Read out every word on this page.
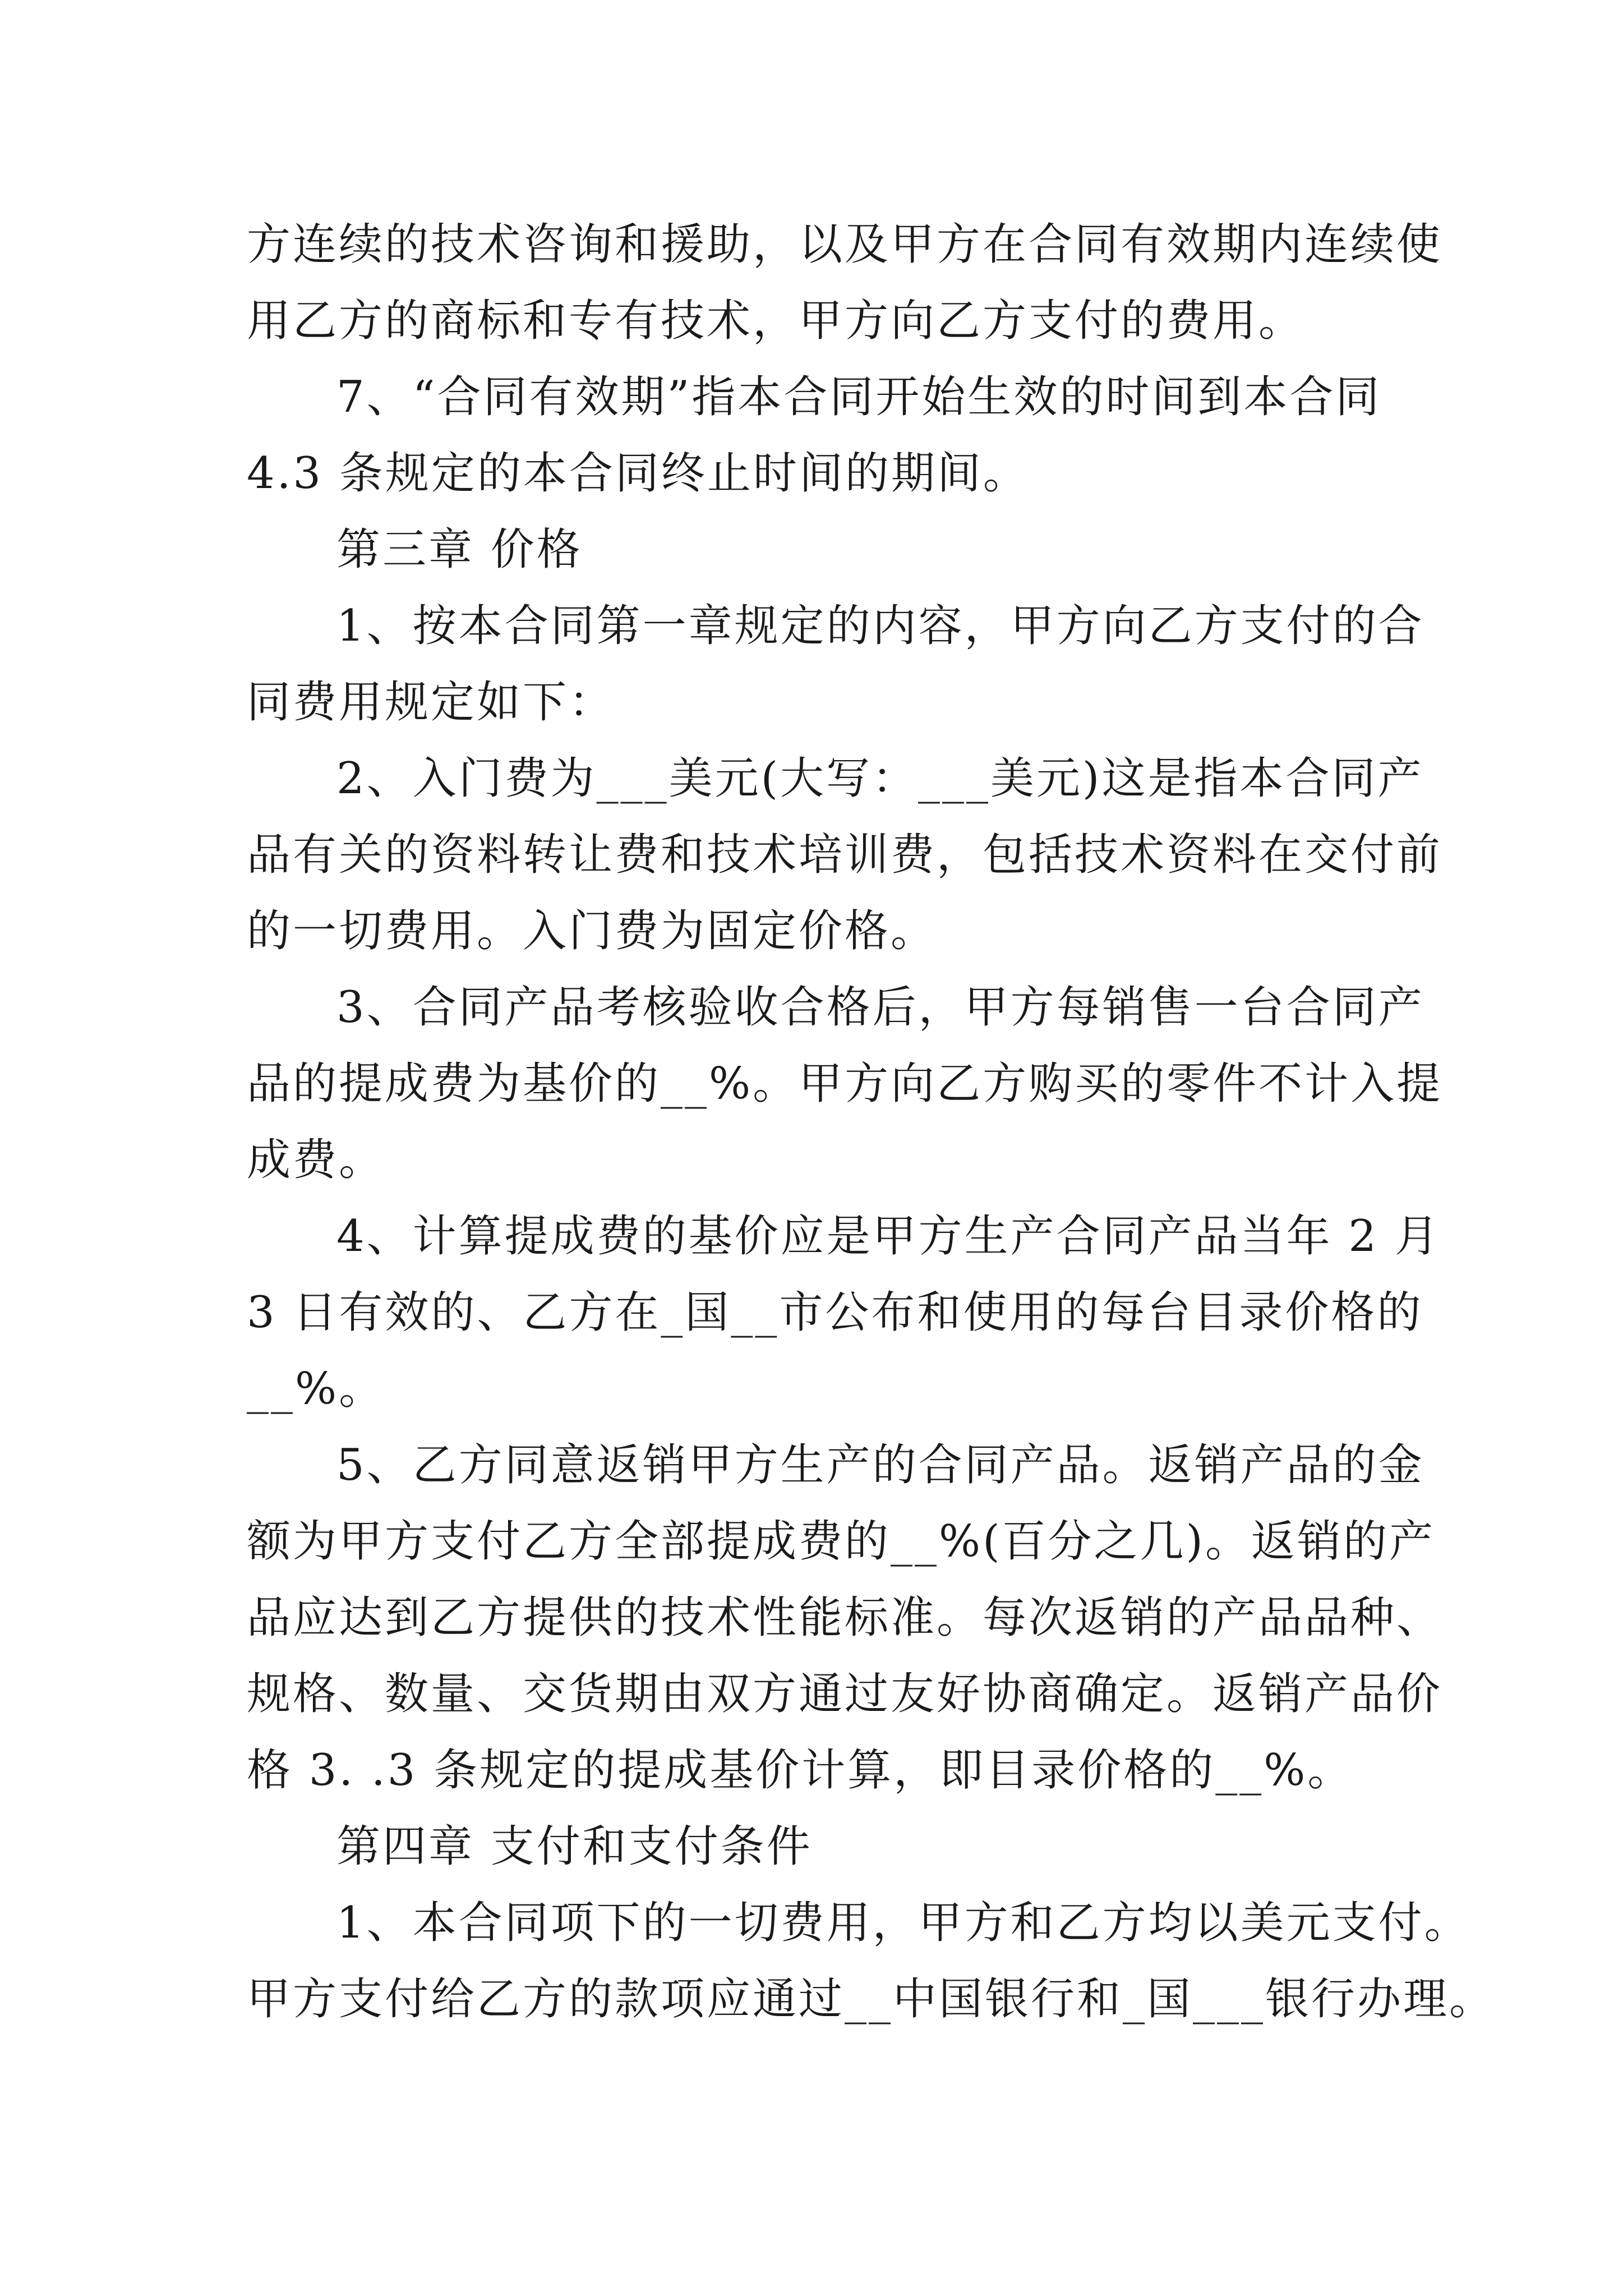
方连续的技术咨询和援助，以及甲方在合同有效期内连续使
用乙方的商标和专有技术，甲方向乙方支付的费用。
7、“合同有效期”指本合同开始生效的时间到本合同
4.3 条规定的本合同终止时间的期间。
第三章 价格
1、按本合同第一章规定的内容，甲方向乙方支付的合
同费用规定如下：
2、入门费为___美元(大写：___美元)这是指本合同产
品有关的资料转让费和技术培训费，包括技术资料在交付前
的一切费用。入门费为固定价格。
3、合同产品考核验收合格后，甲方每销售一台合同产
品的提成费为基价的__%。甲方向乙方购买的零件不计入提
成费。
4、计算提成费的基价应是甲方生产合同产品当年 2 月
3 日有效的、乙方在_国__市公布和使用的每台目录价格的
__%。
5、乙方同意返销甲方生产的合同产品。返销产品的金
额为甲方支付乙方全部提成费的__%(百分之几)。返销的产
品应达到乙方提供的技术性能标准。每次返销的产品品种、
规格、数量、交货期由双方通过友好协商确定。返销产品价
格 3. .3 条规定的提成基价计算，即目录价格的__%。
第四章 支付和支付条件
1、本合同项下的一切费用，甲方和乙方均以美元支付。
甲方支付给乙方的款项应通过__中国银行和_国___银行办理。
